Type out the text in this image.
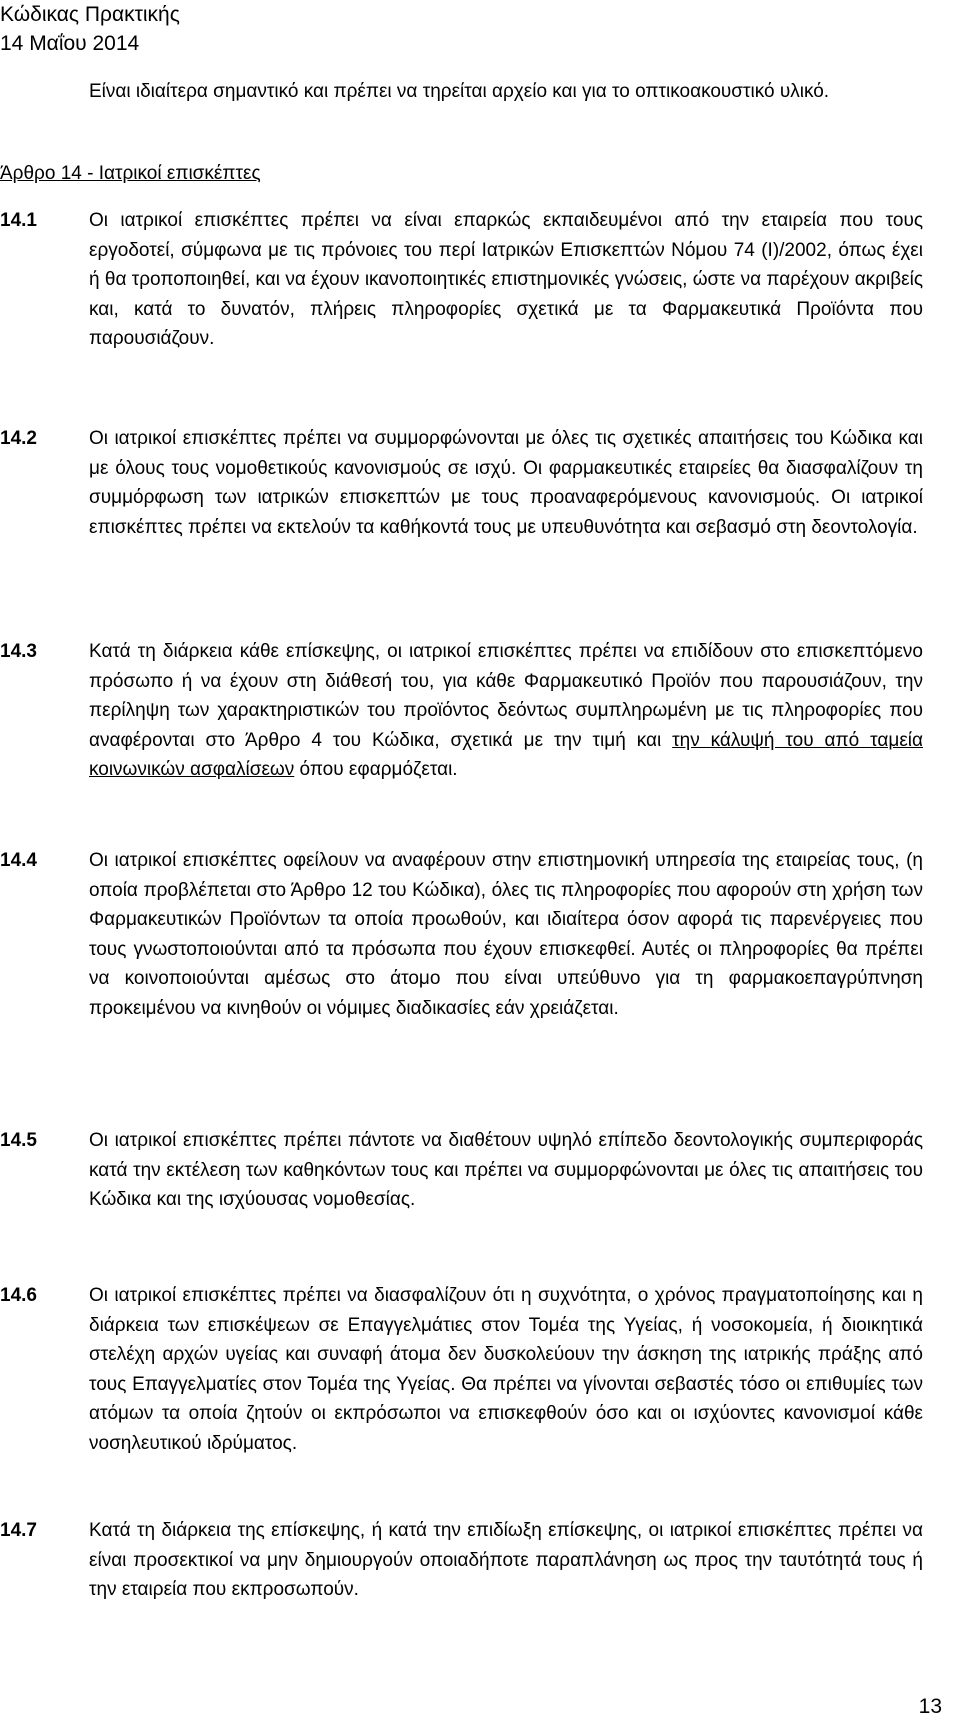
Κώδικας Πρακτικής
14 Μαΐου 2014
Είναι ιδιαίτερα σημαντικό και πρέπει να τηρείται αρχείο και για το οπτικοακουστικό υλικό.
Άρθρο 14 - Ιατρικοί επισκέπτες
14.1	Οι ιατρικοί επισκέπτες πρέπει να είναι επαρκώς εκπαιδευμένοι από την εταιρεία που τους εργοδοτεί, σύμφωνα με τις πρόνοιες του περί Ιατρικών Επισκεπτών Νόμου 74 (Ι)/2002, όπως έχει ή θα τροποποιηθεί, και να έχουν ικανοποιητικές επιστημονικές γνώσεις, ώστε να παρέχουν ακριβείς και, κατά το δυνατόν, πλήρεις πληροφορίες σχετικά με τα Φαρμακευτικά Προϊόντα που παρουσιάζουν.
14.2	Οι ιατρικοί επισκέπτες πρέπει να συμμορφώνονται με όλες τις σχετικές απαιτήσεις του Κώδικα και με όλους τους νομοθετικούς κανονισμούς σε ισχύ. Οι φαρμακευτικές εταιρείες θα διασφαλίζουν τη συμμόρφωση των ιατρικών επισκεπτών με τους προαναφερόμενους κανονισμούς. Οι ιατρικοί επισκέπτες πρέπει να εκτελούν τα καθήκοντά τους με υπευθυνότητα και σεβασμό στη δεοντολογία.
14.3	Κατά τη διάρκεια κάθε επίσκεψης, οι ιατρικοί επισκέπτες πρέπει να επιδίδουν στο επισκεπτόμενο πρόσωπο ή να έχουν στη διάθεσή του, για κάθε Φαρμακευτικό Προϊόν που παρουσιάζουν, την περίληψη των χαρακτηριστικών του προϊόντος δεόντως συμπληρωμένη με τις πληροφορίες που αναφέρονται στο Άρθρο 4 του Κώδικα, σχετικά με την τιμή και την κάλυψή του από ταμεία κοινωνικών ασφαλίσεων όπου εφαρμόζεται.
14.4	Οι ιατρικοί επισκέπτες οφείλουν να αναφέρουν στην επιστημονική υπηρεσία της εταιρείας τους, (η οποία προβλέπεται στο Άρθρο 12 του Κώδικα), όλες τις πληροφορίες που αφορούν στη χρήση των Φαρμακευτικών Προϊόντων τα οποία προωθούν, και ιδιαίτερα όσον αφορά τις παρενέργειες που τους γνωστοποιούνται από τα πρόσωπα που έχουν επισκεφθεί. Αυτές οι πληροφορίες θα πρέπει να κοινοποιούνται αμέσως στο άτομο που είναι υπεύθυνο για τη φαρμακοεπαγρύπνηση προκειμένου να κινηθούν οι νόμιμες διαδικασίες εάν χρειάζεται.
14.5	Οι ιατρικοί επισκέπτες πρέπει πάντοτε να διαθέτουν υψηλό επίπεδο δεοντολογικής συμπεριφοράς κατά την εκτέλεση των καθηκόντων τους και πρέπει να συμμορφώνονται με όλες τις απαιτήσεις του Κώδικα και της ισχύουσας νομοθεσίας.
14.6	Οι ιατρικοί επισκέπτες πρέπει να διασφαλίζουν ότι η συχνότητα, ο χρόνος πραγματοποίησης και η διάρκεια των επισκέψεων σε Επαγγελμάτιες στον Τομέα της Υγείας, ή νοσοκομεία, ή διοικητικά στελέχη αρχών υγείας και συναφή άτομα δεν δυσκολεύουν την άσκηση της ιατρικής πράξης από τους Επαγγελματίες στον Τομέα της Υγείας. Θα πρέπει να γίνονται σεβαστές τόσο οι επιθυμίες των ατόμων τα οποία ζητούν οι εκπρόσωποι να επισκεφθούν όσο και οι ισχύοντες κανονισμοί κάθε νοσηλευτικού ιδρύματος.
14.7	Κατά τη διάρκεια της επίσκεψης, ή κατά την επιδίωξη επίσκεψης, οι ιατρικοί επισκέπτες πρέπει να είναι προσεκτικοί να μην δημιουργούν οποιαδήποτε παραπλάνηση ως προς την ταυτότητά τους ή την εταιρεία που εκπροσωπούν.
13
